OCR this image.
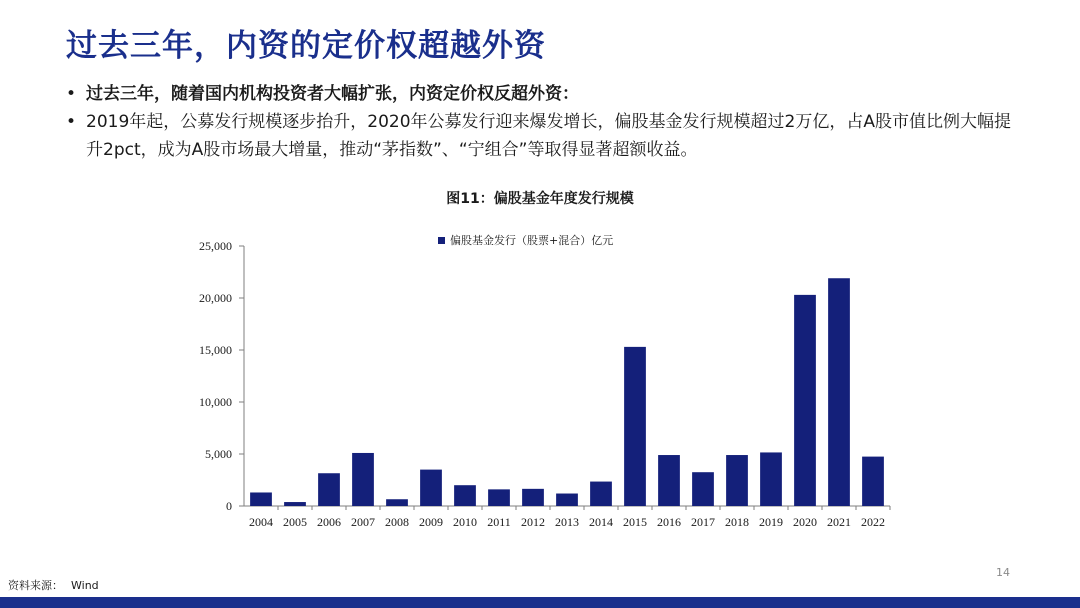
过去三年，内资的定价权超越外资
• 过去三年，随着国内机构投资者大幅扩张，内资定价权反超外资：
• 2019年起，公募发行规模逐步抬升，2020年公募发行迎来爆发增长，偏股基金发行规模超过2万亿，占A股市值比例大幅提升2pct，成为A股市场最大增量，推动“茅指数”、“宁组合”等取得显著超额收益。
图11：偏股基金年度发行规模
0
5,000
10,000
15,000
20,000
25,000
2004 2005 2006 2007 2008 2009 2010 2011 2012 2013 2014 2015 2016 2017 2018 2019 2020 2021 2022
偏股基金发行（股票+混合）亿元
资料来源： Wind
14
